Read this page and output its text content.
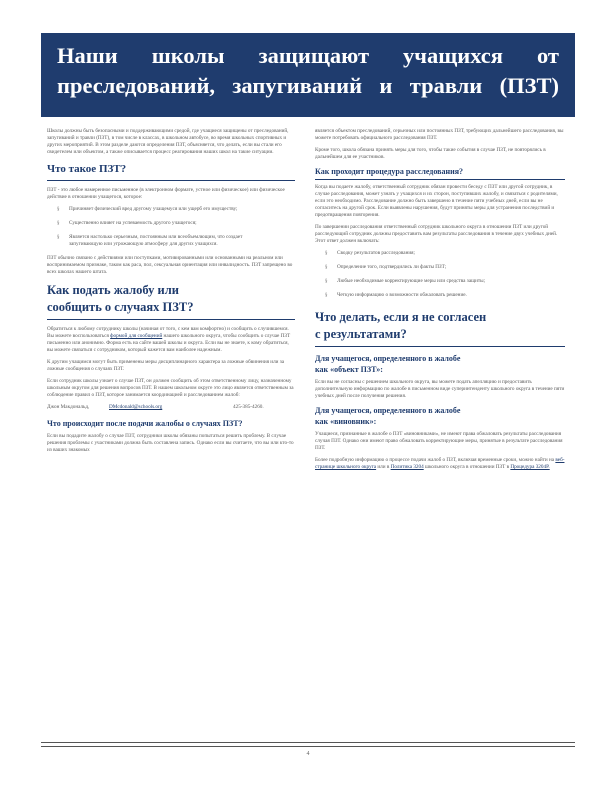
Наши школы защищают учащихся от
преследований, запугиваний и травли (ПЗТ)
Школы должны быть безопасными и поддерживающими средой, где учащиеся защищены от преследований, запугиваний и травли (ПЗТ), в том числе в классах, в школьном автобусе, во время школьных спортивных и других мероприятий. В этом разделе даются определения ПЗТ, объясняется, что делать, если вы стали его свидетелем или объектом, а также описывается процесс реагирования наших школ на такие ситуации.
Что такое ПЗТ?
ПЗТ - это любое намеренное письменное (в электронном формате, устное или физическое) или физическое действие в отношении учащегося, которое:
§ Причиняет физический вред другому учащемуся или ущерб его имуществу;
§ Существенно влияет на успеваемость другого учащегося;
§ Является настолько серьезным, постоянным или всеобъемлющим, что создает запугивающую или угрожающую атмосферу для других учащихся.
ПЗТ обычно связано с действиями или поступками, мотивированными или основанными на реальном или воспринимаемом признаке, таком как раса, пол, сексуальная ориентация или инвалидность. ПЗТ запрещено во всех школах нашего штата.
Как подать жалобу или
сообщить о случаях ПЗТ?
Обратиться к любому сотруднику школы (начиная от того, с кем вам комфортно) и сообщить о случившемся. Вы можете воспользоваться формой для сообщений нашего школьного округа, чтобы сообщить о случае ПЗТ письменно или анонимно. Форма есть на сайте вашей школы и округа. Если вы не знаете, к кому обратиться, вы можете связаться с сотрудником, который кажется вам наиболее надежным.
К другим учащимся могут быть применены меры дисциплинарного характера за ложные обвинения или за ложные сообщения о случаях ПЗТ.
Если сотрудник школы узнает о случае ПЗТ, он должен сообщить об этом ответственному лицу, назначенному школьным округом для решения вопросов ПЗТ. В нашем школьном округе это лицо является ответственным за соблюдение правил о ПЗТ, которое занимается координацией и расследованием жалоб:
Джон Макдональд,	DMcdonald@schools.org	425-385-4260.
Что происходит после подачи жалобы о случаях ПЗТ?
Если вы подадите жалобу о случае ПЗТ, сотрудники школы обязаны попытаться решить проблему. В случае решения проблемы с участниками должна быть составлена запись. Однако если вы считаете, что вы или кто-то из ваших знакомых
является объектом преследований, серьезных или постоянных ПЗТ, требующих дальнейшего расследования, вы можете потребовать официального расследования ПЗТ.
Кроме того, школа обязана принять меры для того, чтобы такие события в случае ПЗТ, не повторялись в дальнейшем для ее участников.
Как проходит процедура расследования?
Когда вы подаете жалобу, ответственный сотрудник обязан провести беседу с ПЗТ или другой сотрудник, в случае расследования, может узнать у учащихся и их сторон, поступивших жалобу, и связаться с родителями, если это необходимо. Расследование должно быть завершено в течение пяти учебных дней, если вы не согласитесь на другой срок. Если выявлены нарушения, будут приняты меры для устранения последствий и предотвращения повторения.
По завершении расследования ответственный сотрудник школьного округа в отношении ПЗТ или другой расследующий сотрудник должны предоставить вам результаты расследования в течение двух учебных дней. Этот ответ должен включать:
§ Сводку результатов расследования;
§ Определение того, подтвердились ли факты ПЗТ;
§ Любые необходимые корректирующие меры или средства защиты;
§ Четкую информацию о возможности обжаловать решение.
Что делать, если я не согласен
с результатами?
Для учащегося, определенного в жалобе
как «объект ПЗТ»:
Если вы не согласны с решением школьного округа, вы можете подать апелляцию и предоставить дополнительную информацию по жалобе в письменном виде суперинтенденту школьного округа в течение пяти учебных дней после получения решения.
Для учащегося, определенного в жалобе
как «виновник»:
Учащиеся, признанные в жалобе о ПЗТ «виновниками», не имеют права обжаловать результаты расследования случая ПЗТ. Однако они имеют право обжаловать корректирующие меры, принятые в результате расследования ПЗТ.
Более подробную информацию о процессе подачи жалоб о ПЗТ, включая временные сроки, можно найти на веб-странице школьного округа или в Политика 3204 школьного округа в отношении ПЗТ в Процедура 3204P.
4
